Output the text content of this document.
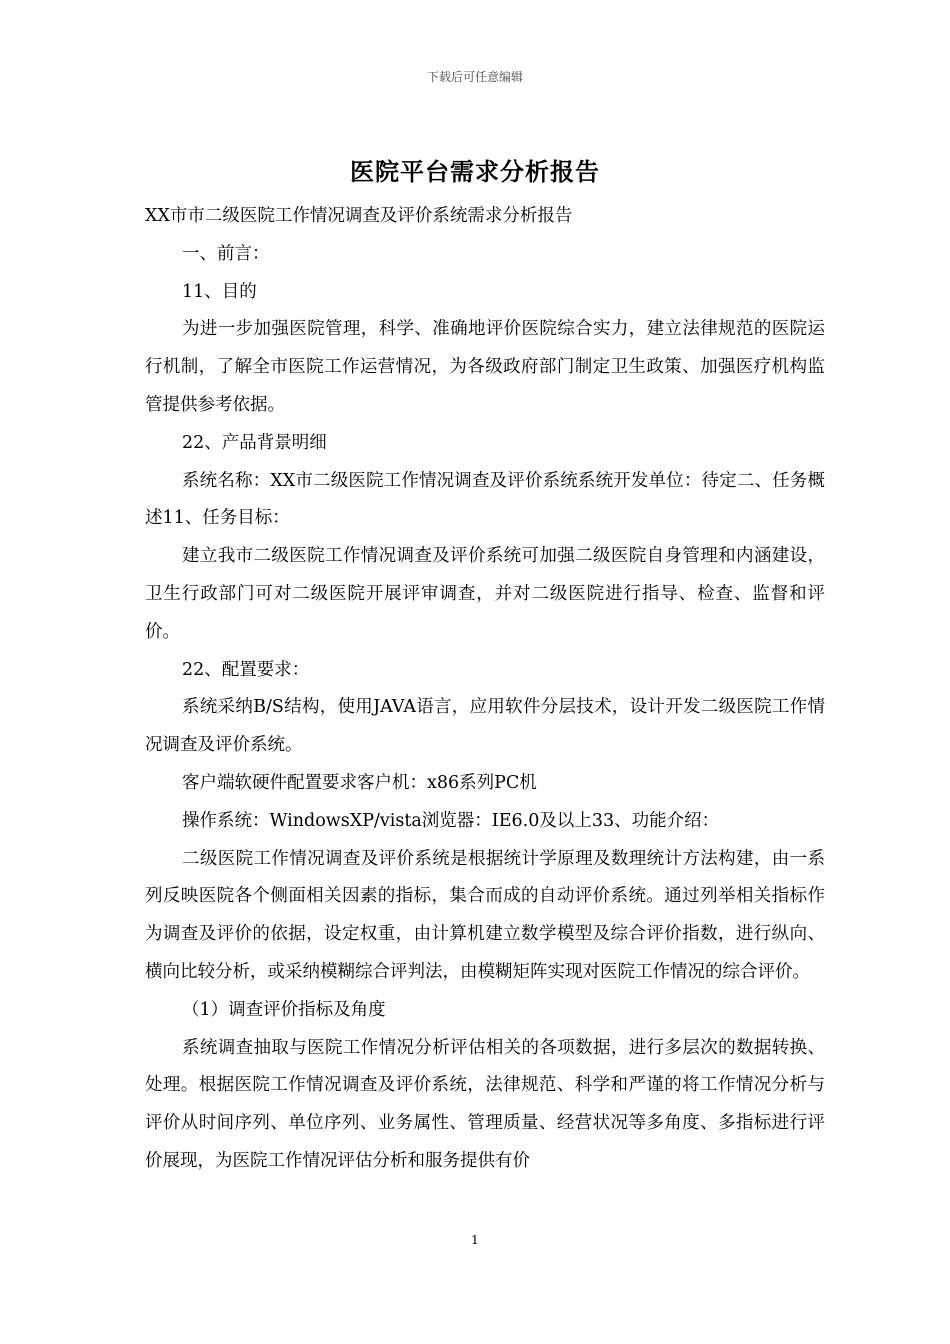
下载后可任意编辑
医院平台需求分析报告

XX市市二级医院工作情况调查及评价系统需求分析报告

一、前言：

11、目的

为进一步加强医院管理，科学、准确地评价医院综合实力，建立法律规范的医院运行机制，了解全市医院工作运营情况，为各级政府部门制定卫生政策、加强医疗机构监管提供参考依据。

22、产品背景明细

系统名称：XX市二级医院工作情况调查及评价系统系统开发单位：待定二、任务概述11、任务目标：

建立我市二级医院工作情况调查及评价系统可加强二级医院自身管理和内涵建设，卫生行政部门可对二级医院开展评审调查，并对二级医院进行指导、检查、监督和评价。

22、配置要求：

系统采纳B/S结构，使用JAVA语言，应用软件分层技术，设计开发二级医院工作情况调查及评价系统。

客户端软硬件配置要求客户机：x86系列PC机

操作系统：WindowsXP/vista浏览器：IE6.0及以上33、功能介绍：

二级医院工作情况调查及评价系统是根据统计学原理及数理统计方法构建，由一系列反映医院各个侧面相关因素的指标，集合而成的自动评价系统。通过列举相关指标作为调查及评价的依据，设定权重，由计算机建立数学模型及综合评价指数，进行纵向、横向比较分析，或采纳模糊综合评判法，由模糊矩阵实现对医院工作情况的综合评价。

（1）调查评价指标及角度

系统调查抽取与医院工作情况分析评估相关的各项数据，进行多层次的数据转换、处理。根据医院工作情况调查及评价系统，法律规范、科学和严谨的将工作情况分析与评价从时间序列、单位序列、业务属性、管理质量、经营状况等多角度、多指标进行评价展现，为医院工作情况评估分析和服务提供有价

1
